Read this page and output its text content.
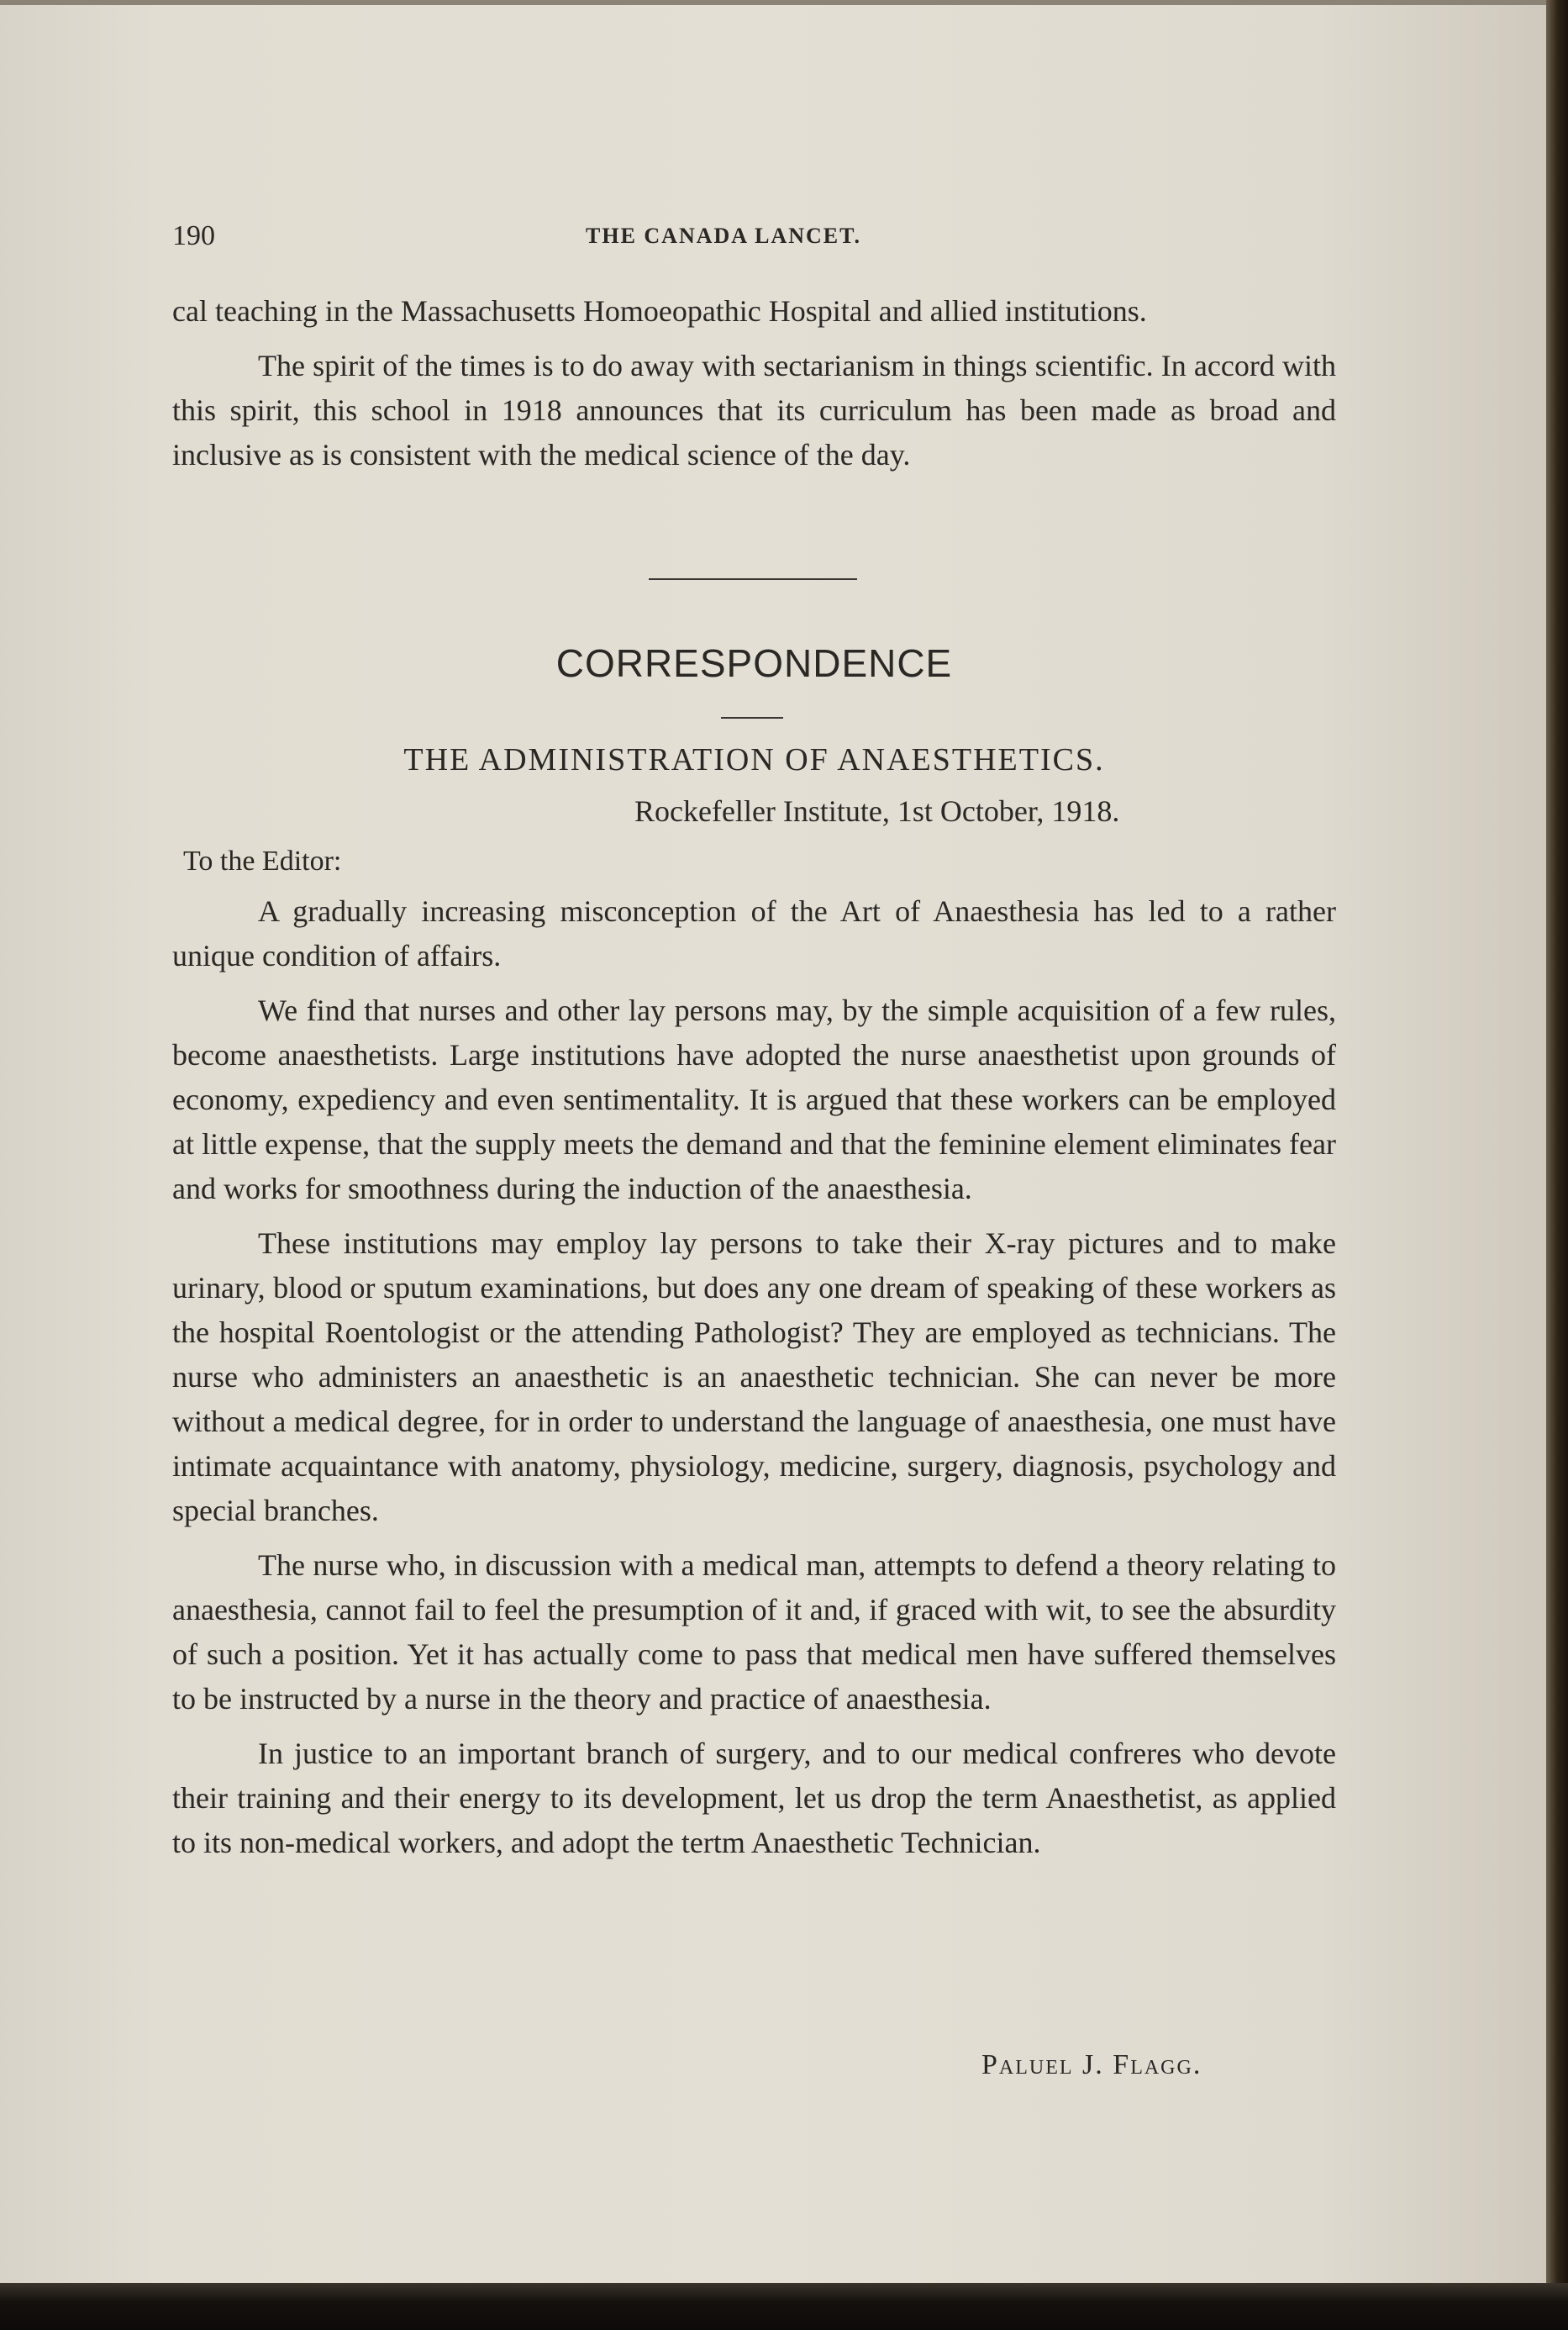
190	THE CANADA LANCET.

cal teaching in the Massachusetts Homoeopathic Hospital and allied institutions.

The spirit of the times is to do away with sectarianism in things scientific. In accord with this spirit, this school in 1918 announces that its curriculum has been made as broad and inclusive as is consistent with the medical science of the day.

CORRESPONDENCE
THE ADMINISTRATION OF ANAESTHETICS.
Rockefeller Institute, 1st October, 1918.
To the Editor:

A gradually increasing misconception of the Art of Anaesthesia has led to a rather unique condition of affairs.

We find that nurses and other lay persons may, by the simple acquisition of a few rules, become anaesthetists. Large institutions have adopted the nurse anaesthetist upon grounds of economy, expediency and even sentimentality. It is argued that these workers can be employed at little expense, that the supply meets the demand and that the feminine element eliminates fear and works for smoothness during the induction of the anaesthesia.

These institutions may employ lay persons to take their X-ray pictures and to make urinary, blood or sputum examinations, but does any one dream of speaking of these workers as the hospital Roentologist or the attending Pathologist? They are employed as technicians. The nurse who administers an anaesthetic is an anaesthetic technician. She can never be more without a medical degree, for in order to understand the language of anaesthesia, one must have intimate acquaintance with anatomy, physiology, medicine, surgery, diagnosis, psychology and special branches.

The nurse who, in discussion with a medical man, attempts to defend a theory relating to anaesthesia, cannot fail to feel the presumption of it and, if graced with wit, to see the absurdity of such a position. Yet it has actually come to pass that medical men have suffered themselves to be instructed by a nurse in the theory and practice of anaesthesia.

In justice to an important branch of surgery, and to our medical confreres who devote their training and their energy to its development, let us drop the term Anaesthetist, as applied to its non-medical workers, and adopt the tertm Anaesthetic Technician.

Paluel J. Flagg.
